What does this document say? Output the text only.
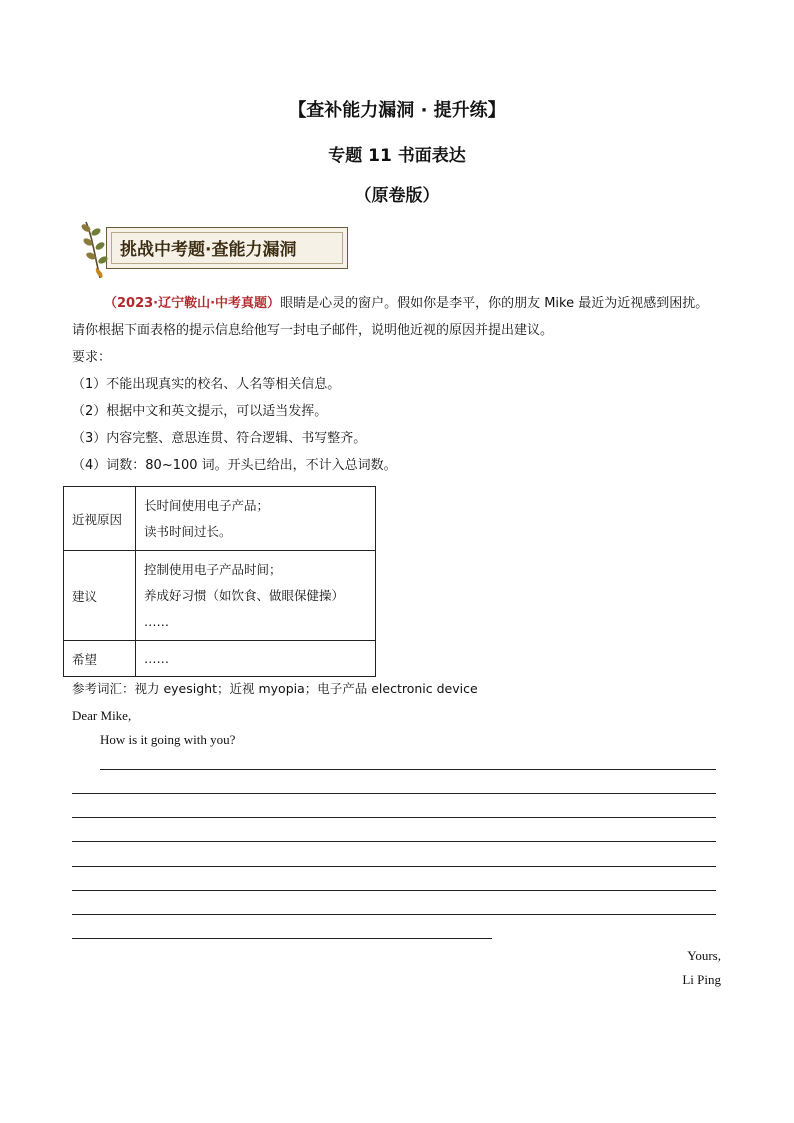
【查补能力漏洞 · 提升练】
专题 11 书面表达
（原卷版）
挑战中考题·查能力漏洞
（2023·辽宁鞍山·中考真题）眼睛是心灵的窗户。假如你是李平，你的朋友 Mike 最近为近视感到困扰。
请你根据下面表格的提示信息给他写一封电子邮件，说明他近视的原因并提出建议。
要求：
（1）不能出现真实的校名、人名等相关信息。
（2）根据中文和英文提示，可以适当发挥。
（3）内容完整、意思连贯、符合逻辑、书写整齐。
（4）词数：80~100 词。开头已给出，不计入总词数。
近视原因	长时间使用电子产品；
读书时间过长。

建议	控制使用电子产品时间；
养成好习惯（如饮食、做眼保健操）
……

希望	……
参考词汇：视力 eyesight；近视 myopia；电子产品 electronic device
Dear Mike,
How is it going with you?
Yours,
Li Ping
